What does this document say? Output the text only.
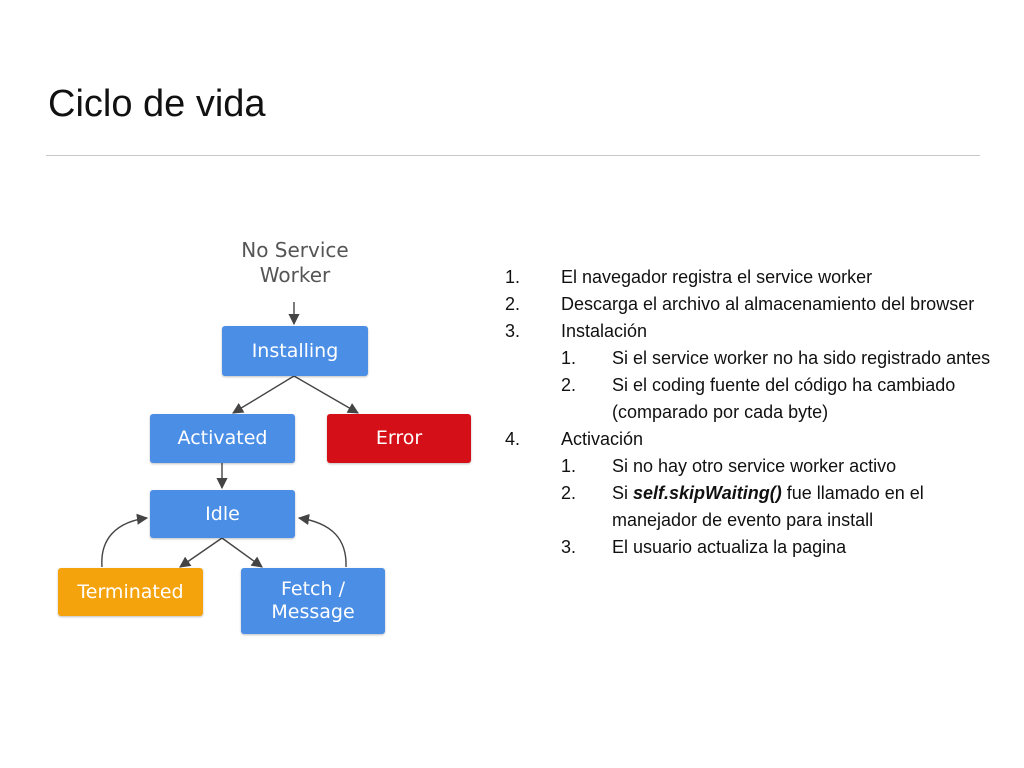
Ciclo de vida
No Service
Worker
Installing
Activated	Error
Idle
Terminated	Fetch /
Message
1.	El navegador registra el service worker
2.	Descarga el archivo al almacenamiento del browser
3.	Instalación
1.	Si el service worker no ha sido registrado antes
2.	Si el coding fuente del código ha cambiado (comparado por cada byte)
4.	Activación
1.	Si no hay otro service worker activo
2.	Si self.skipWaiting() fue llamado en el manejador de evento para install
3.	El usuario actualiza la pagina
